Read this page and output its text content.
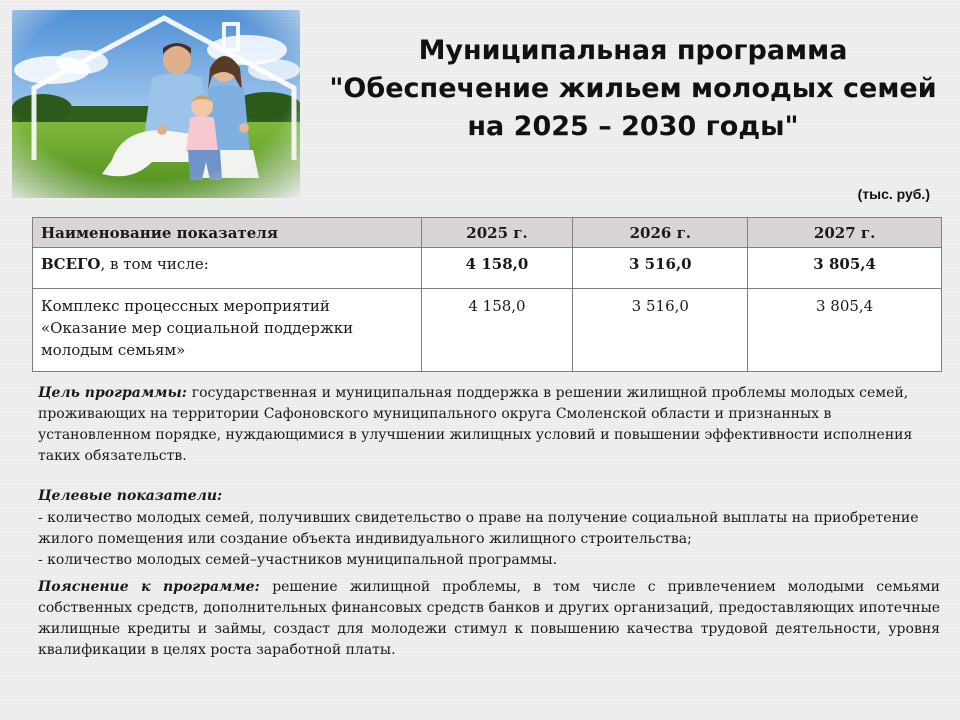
Муниципальная программа
"Обеспечение жильем молодых семей
на 2025 – 2030 годы"
(тыс. руб.)
Наименование показателя	2025 г.	2026 г.	2027 г.
ВСЕГО, в том числе:	4 158,0	3 516,0	3 805,4
Комплекс процессных мероприятий «Оказание мер социальной поддержки молодым семьям»	4 158,0	3 516,0	3 805,4
Цель программы: государственная и муниципальная поддержка в решении жилищной проблемы молодых семей, проживающих на территории Сафоновского муниципального округа Смоленской области и признанных в установленном порядке, нуждающимися в улучшении жилищных условий и повышении эффективности исполнения таких обязательств.
Целевые показатели:
- количество молодых семей, получивших свидетельство о праве на получение социальной выплаты на приобретение жилого помещения или создание объекта индивидуального жилищного строительства;
- количество молодых семей–участников муниципальной программы.
Пояснение к программе: решение жилищной проблемы, в том числе с привлечением молодыми семьями собственных средств, дополнительных финансовых средств банков и других организаций, предоставляющих ипотечные жилищные кредиты и займы, создаст для молодежи стимул к повышению качества трудовой деятельности, уровня квалификации в целях роста заработной платы.
